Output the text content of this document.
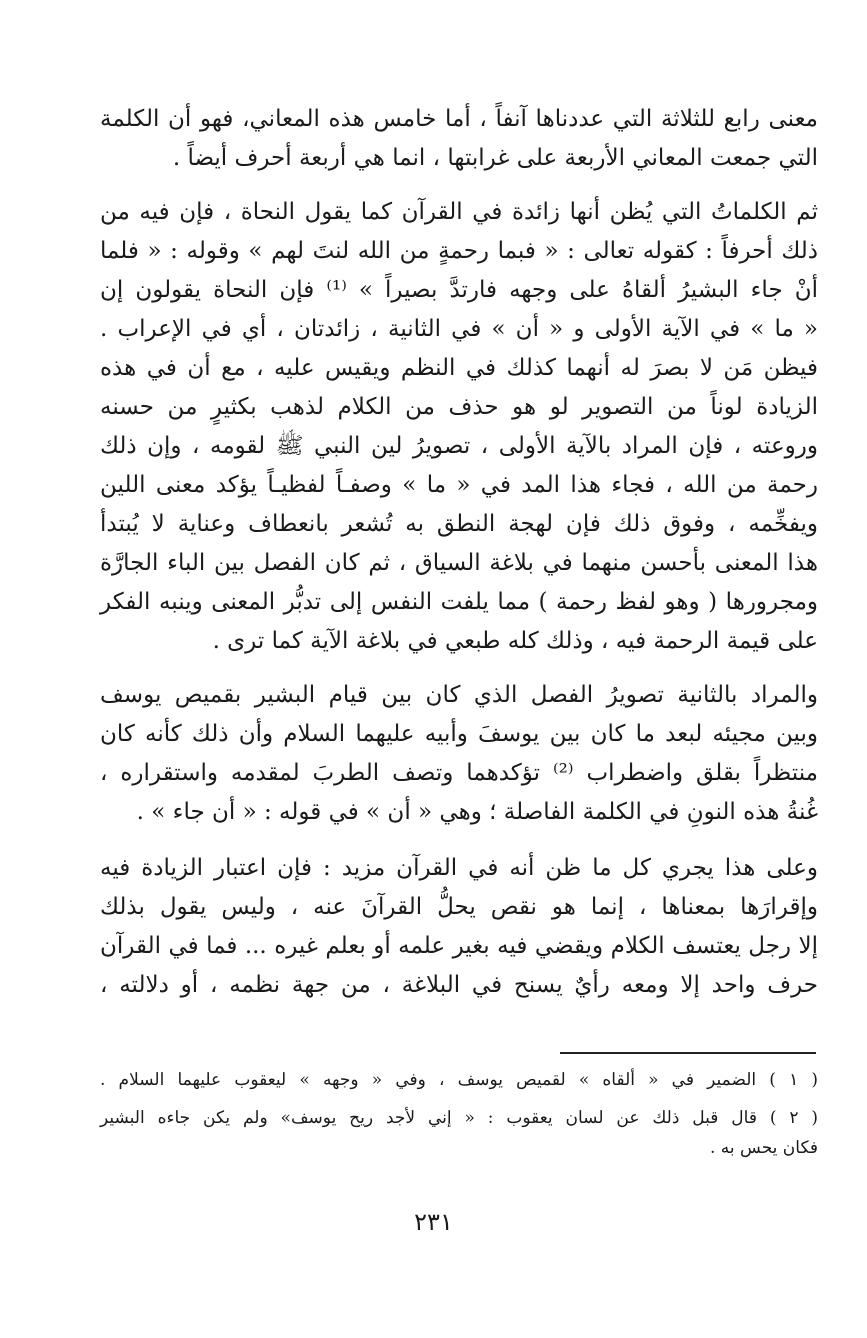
معنى رابع للثلاثة التي عددناها آنفاً ، أما خامس هذه المعاني، فهو أن الكلمة
التي جمعت المعاني الأربعة على غرابتها ، انما هي أربعة أحرف أيضاً .
ثم الكلماتُ التي يُظن أنها زائدة في القرآن كما يقول النحاة ، فإن فيه من
ذلك أحرفاً : كقوله تعالى : « فبما رحمةٍ من الله لنتَ لهم » وقوله : « فلما
أنْ جاء البشيرُ ألقاهُ على وجهه فارتدَّ بصيراً » ⁽¹⁾ فإن النحاة يقولون إن
« ما » في الآية الأولى و « أن » في الثانية ، زائدتان ، أي في الإعراب .
فيظن مَن لا بصرَ له أنهما كذلك في النظم ويقيس عليه ، مع أن في هذه
الزيادة لوناً من التصوير لو هو حذف من الكلام لذهب بكثيرٍ من حسنه
وروعته ، فإن المراد بالآية الأولى ، تصويرُ لين النبي ﷺ لقومه ، وإن ذلك
رحمة من الله ، فجاء هذا المد في « ما » وصفـاً لفظيـاً يؤكد معنى اللين
ويفخِّمه ، وفوق ذلك فإن لهجة النطق به تُشعر بانعطاف وعناية لا يُبتدأ
هذا المعنى بأحسن منهما في بلاغة السياق ، ثم كان الفصل بين الباء الجارَّة
ومجرورها ( وهو لفظ رحمة ) مما يلفت النفس إلى تدبُّر المعنى وينبه الفكر
على قيمة الرحمة فيه ، وذلك كله طبعي في بلاغة الآية كما ترى .
والمراد بالثانية تصويرُ الفصل الذي كان بين قيام البشير بقميص يوسف
وبين مجيئه لبعد ما كان بين يوسفَ وأبيه عليهما السلام وأن ذلك كأنه كان
منتظراً بقلق واضطراب ⁽²⁾ تؤكدهما وتصف الطربَ لمقدمه واستقراره ،
غُنةُ هذه النونِ في الكلمة الفاصلة ؛ وهي « أن » في قوله : « أن جاء » .
وعلى هذا يجري كل ما ظن أنه في القرآن مزيد : فإن اعتبار الزيادة فيه
وإقرارَها بمعناها ، إنما هو نقص يحلُّ القرآنَ عنه ، وليس يقول بذلك
إلا رجل يعتسف الكلام ويقضي فيه بغير علمه أو بعلم غيره ... فما في القرآن
حرف واحد إلا ومعه رأيٌ يسنح في البلاغة ، من جهة نظمه ، أو دلالته ،
( ١ ) الضمير في « ألقاه » لقميص يوسف ، وفي « وجهه » ليعقوب عليهما السلام .
( ٢ ) قال قبل ذلك عن لسان يعقوب : « إني لأجد ريح يوسف» ولم يكن جاءه البشير
فكان يحس به .
٢٣١
